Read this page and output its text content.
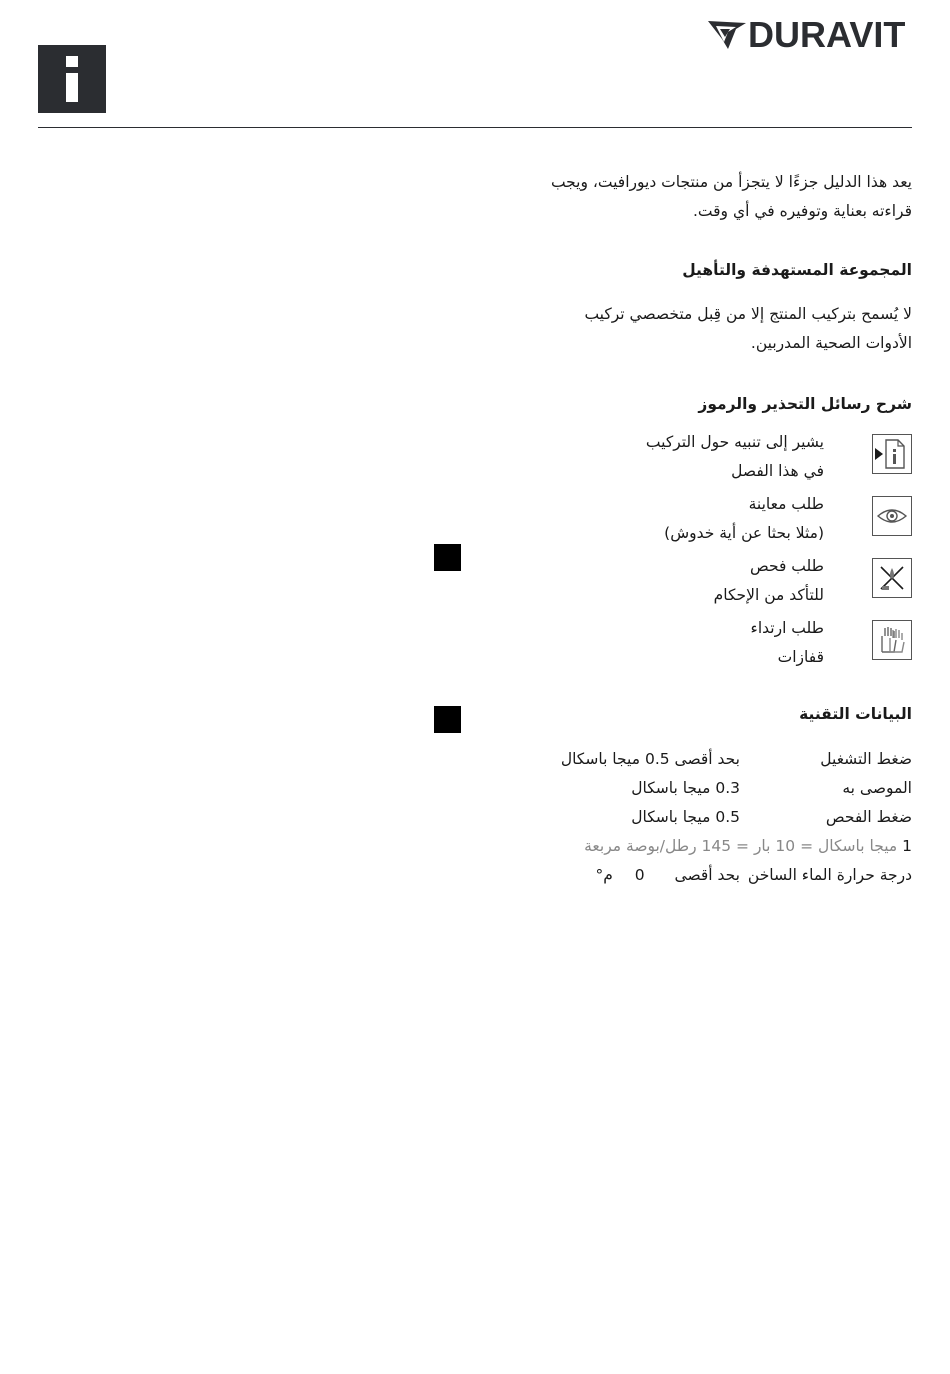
DURAVIT
يعد هذا الدليل جزءًا لا يتجزأ من منتجات ديورافيت، ويجب
قراءته بعناية وتوفيره في أي وقت.
المجموعة المستهدفة والتأهيل
لا يُسمح بتركيب المنتج إلا من قِبل متخصصي تركيب
الأدوات الصحية المدربين.
شرح رسائل التحذير والرموز
يشير إلى تنبيه حول التركيب
في هذا الفصل
طلب معاينة
(مثلا بحثا عن أية خدوش)
طلب فحص
للتأكد من الإحكام
طلب ارتداء
قفازات
البيانات التقنية
ضغط التشغيل
بحد أقصى 0.5 ميجا باسكال
الموصى به
0.3 ميجا باسكال
ضغط الفحص
0.5 ميجا باسكال
1 ميجا باسكال = 10 بار = 145 رطل/بوصة مربعة
درجة حرارة الماء الساخن
بحد أقصى  0  م°
